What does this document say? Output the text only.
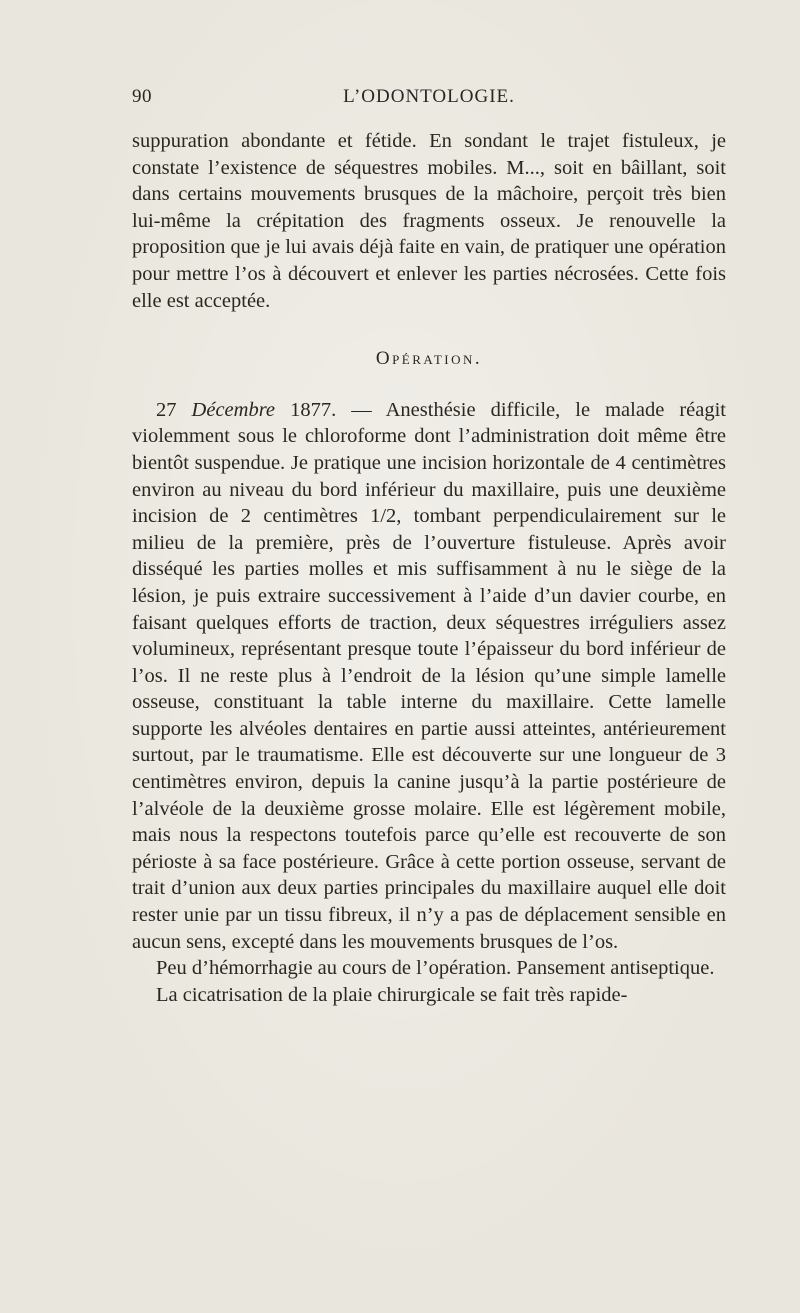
90	L’ODONTOLOGIE.

suppuration abondante et fétide. En sondant le trajet fistuleux, je constate l’existence de séquestres mobiles. M..., soit en bâillant, soit dans certains mouvements brusques de la mâchoire, perçoit très bien lui-même la crépitation des fragments osseux. Je renouvelle la proposition que je lui avais déjà faite en vain, de pratiquer une opération pour mettre l’os à découvert et enlever les parties nécrosées. Cette fois elle est acceptée.

Opération.

27 Décembre 1877. — Anesthésie difficile, le malade réagit violemment sous le chloroforme dont l’administration doit même être bientôt suspendue. Je pratique une incision horizontale de 4 centimètres environ au niveau du bord inférieur du maxillaire, puis une deuxième incision de 2 centimètres 1/2, tombant perpendiculairement sur le milieu de la première, près de l’ouverture fistuleuse. Après avoir disséqué les parties molles et mis suffisamment à nu le siège de la lésion, je puis extraire successivement à l’aide d’un davier courbe, en faisant quelques efforts de traction, deux séquestres irréguliers assez volumineux, représentant presque toute l’épaisseur du bord inférieur de l’os. Il ne reste plus à l’endroit de la lésion qu’une simple lamelle osseuse, constituant la table interne du maxillaire. Cette lamelle supporte les alvéoles dentaires en partie aussi atteintes, antérieurement surtout, par le traumatisme. Elle est découverte sur une longueur de 3 centimètres environ, depuis la canine jusqu’à la partie postérieure de l’alvéole de la deuxième grosse molaire. Elle est légèrement mobile, mais nous la respectons toutefois parce qu’elle est recouverte de son périoste à sa face postérieure. Grâce à cette portion osseuse, servant de trait d’union aux deux parties principales du maxillaire auquel elle doit rester unie par un tissu fibreux, il n’y a pas de déplacement sensible en aucun sens, excepté dans les mouvements brusques de l’os.

Peu d’hémorrhagie au cours de l’opération. Pansement antiseptique.

La cicatrisation de la plaie chirurgicale se fait très rapide-
